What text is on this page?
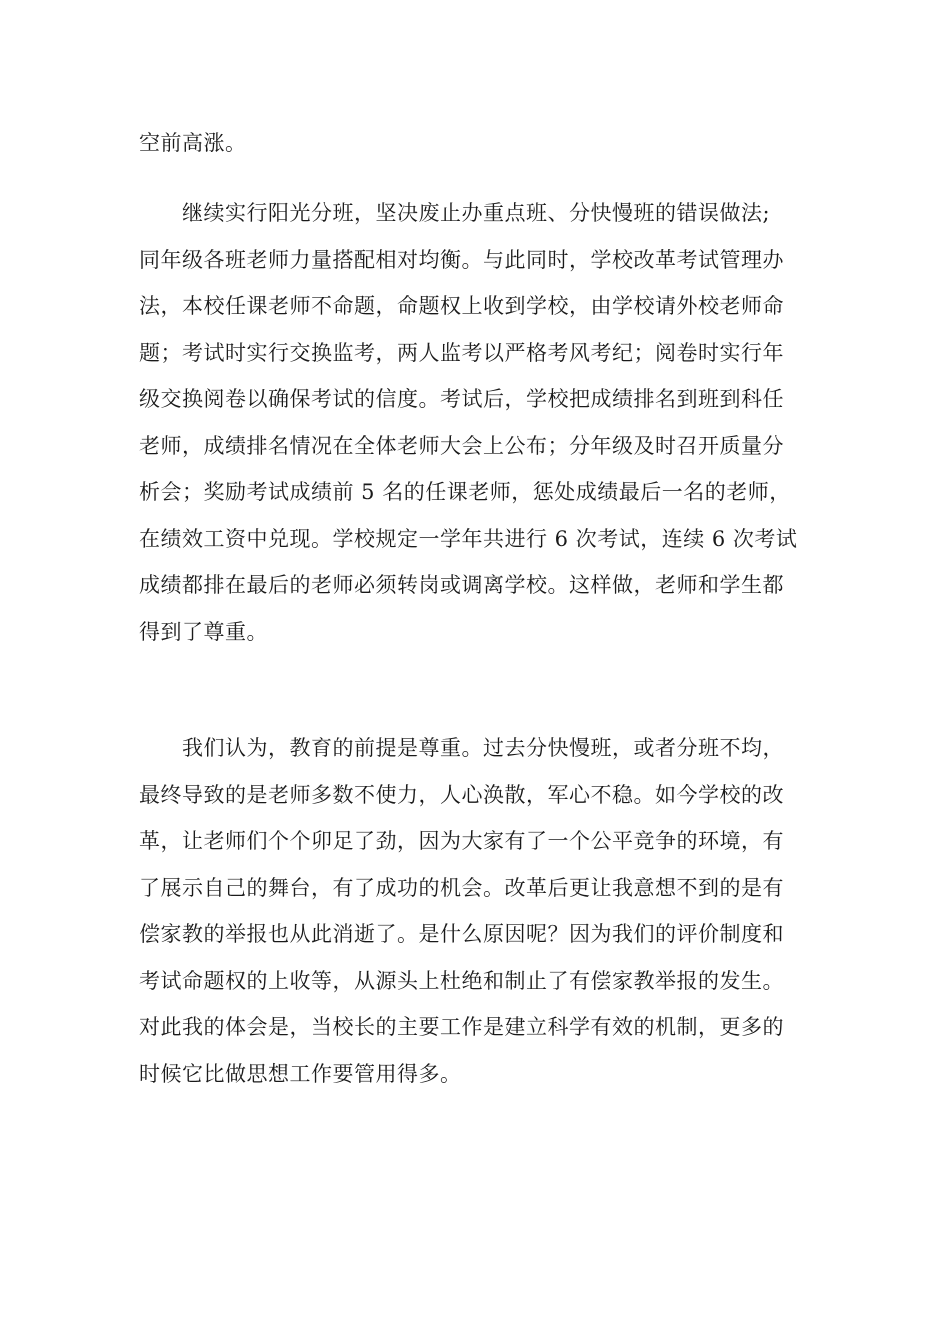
空前高涨。
继续实行阳光分班，坚决废止办重点班、分快慢班的错误做法;
同年级各班老师力量搭配相对均衡。与此同时，学校改革考试管理办
法，本校任课老师不命题，命题权上收到学校，由学校请外校老师命
题；考试时实行交换监考，两人监考以严格考风考纪；阅卷时实行年
级交换阅卷以确保考试的信度。考试后，学校把成绩排名到班到科任
老师，成绩排名情况在全体老师大会上公布；分年级及时召开质量分
析会；奖励考试成绩前 5 名的任课老师，惩处成绩最后一名的老师，
在绩效工资中兑现。学校规定一学年共进行 6 次考试，连续 6 次考试
成绩都排在最后的老师必须转岗或调离学校。这样做，老师和学生都
得到了尊重。
我们认为，教育的前提是尊重。过去分快慢班，或者分班不均，
最终导致的是老师多数不使力，人心涣散，军心不稳。如今学校的改
革，让老师们个个卯足了劲，因为大家有了一个公平竞争的环境，有
了展示自己的舞台，有了成功的机会。改革后更让我意想不到的是有
偿家教的举报也从此消逝了。是什么原因呢？因为我们的评价制度和
考试命题权的上收等，从源头上杜绝和制止了有偿家教举报的发生。
对此我的体会是，当校长的主要工作是建立科学有效的机制，更多的
时候它比做思想工作要管用得多。
